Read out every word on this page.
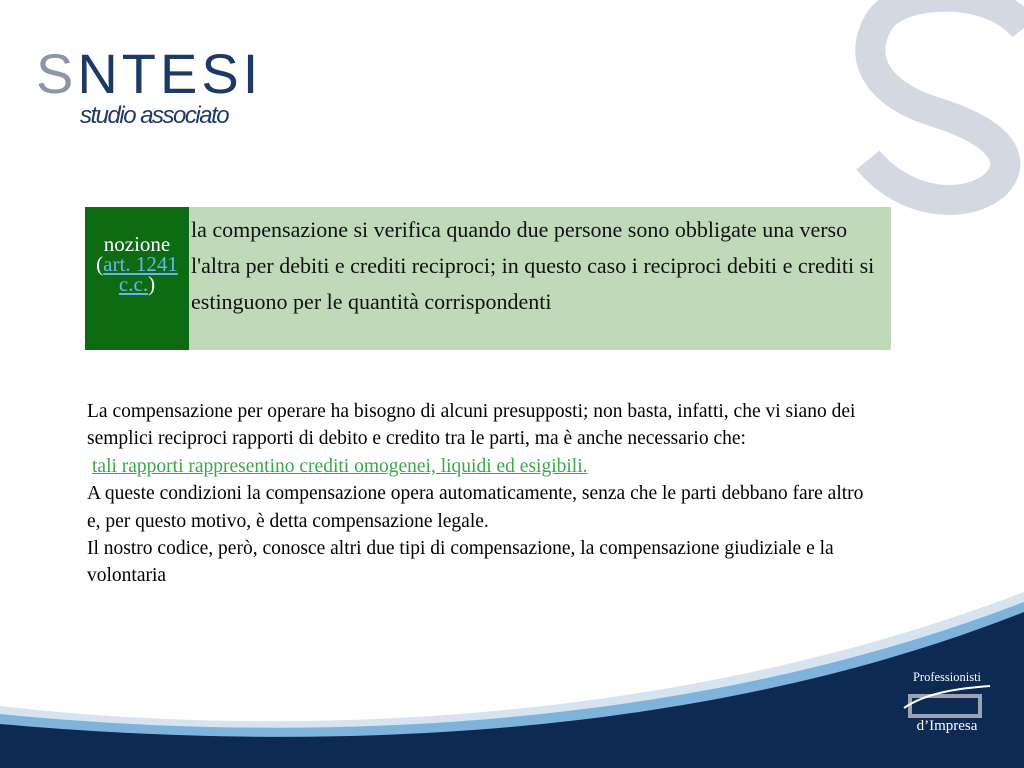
SNTESI
studio associato
nozione
(art. 1241 c.c.)
la compensazione si verifica quando due persone sono obbligate una verso l'altra per debiti e crediti reciproci; in questo caso i reciproci debiti e crediti si estinguono per le quantità corrispondenti

La compensazione per operare ha bisogno di alcuni presupposti; non basta, infatti, che vi siano dei semplici reciproci rapporti di debito e credito tra le parti, ma è anche necessario che:

tali rapporti rappresentino crediti omogenei, liquidi ed esigibili.

A queste condizioni la compensazione opera automaticamente, senza che le parti debbano fare altro e, per questo motivo, è detta compensazione legale.

Il nostro codice, però, conosce altri due tipi di compensazione, la compensazione giudiziale e la volontaria

Professionisti
d’Impresa
